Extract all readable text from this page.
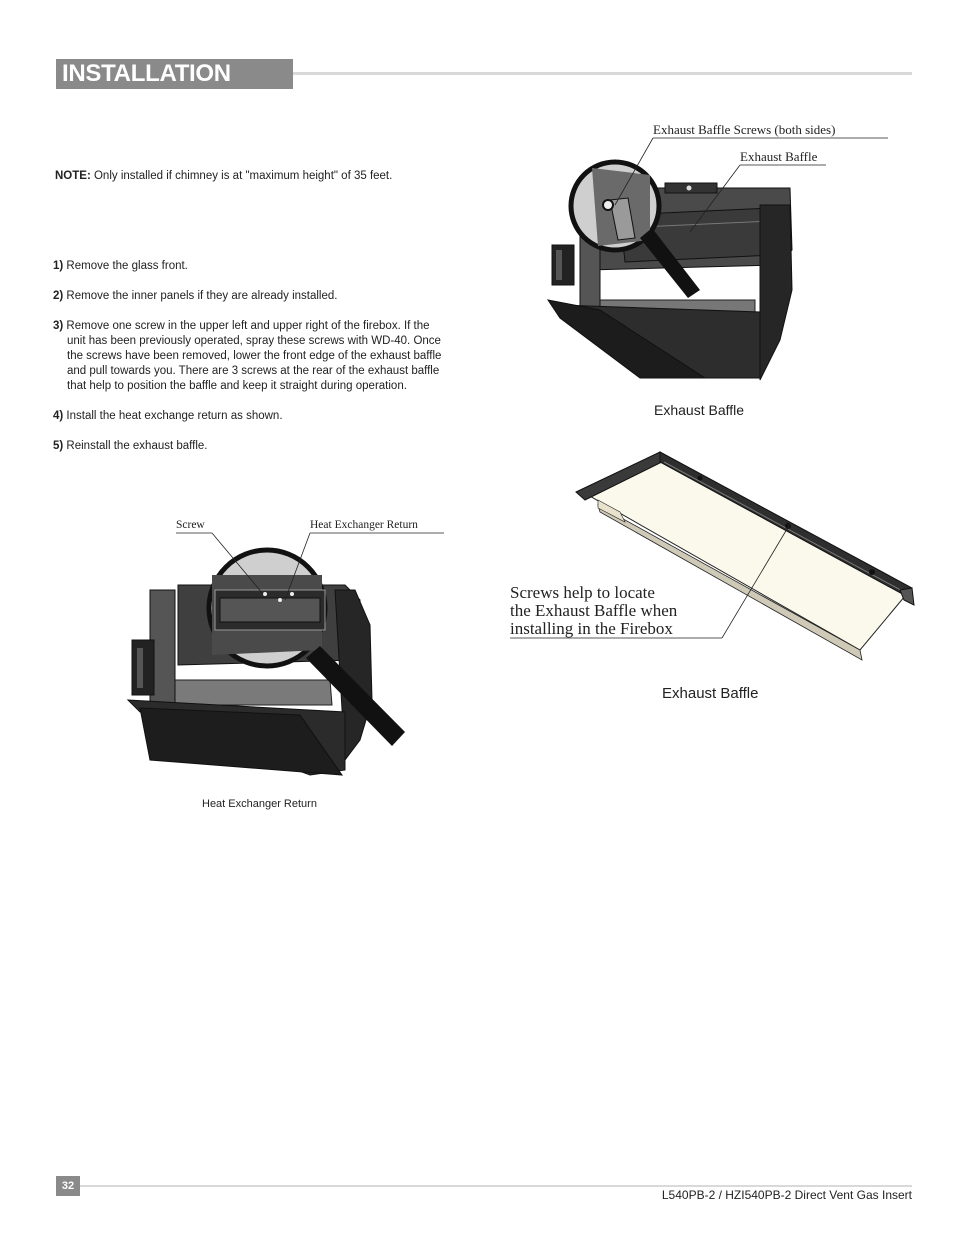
INSTALLATION
NOTE: Only installed if chimney is at "maximum height" of 35 feet.
1) Remove the glass front.
2) Remove the inner panels if they are already installed.
3) Remove one screw in the upper left and upper right of the firebox. If the
unit has been previously operated, spray these screws with WD-40. Once
the screws have been removed, lower the front edge of the exhaust baffle
and pull towards you. There are 3 screws at the rear of the exhaust baffle
that help to position the baffle and keep it straight during operation.
4) Install the heat exchange return as shown.
5) Reinstall the exhaust baffle.
Exhaust Baffle Screws (both sides)
Exhaust Baffle
Exhaust Baffle
Screws help to locate
the Exhaust Baffle when
installing in the Firebox
Exhaust Baffle
Screw	Heat Exchanger Return
Heat Exchanger Return
32
L540PB-2 / HZI540PB-2 Direct Vent Gas Insert
